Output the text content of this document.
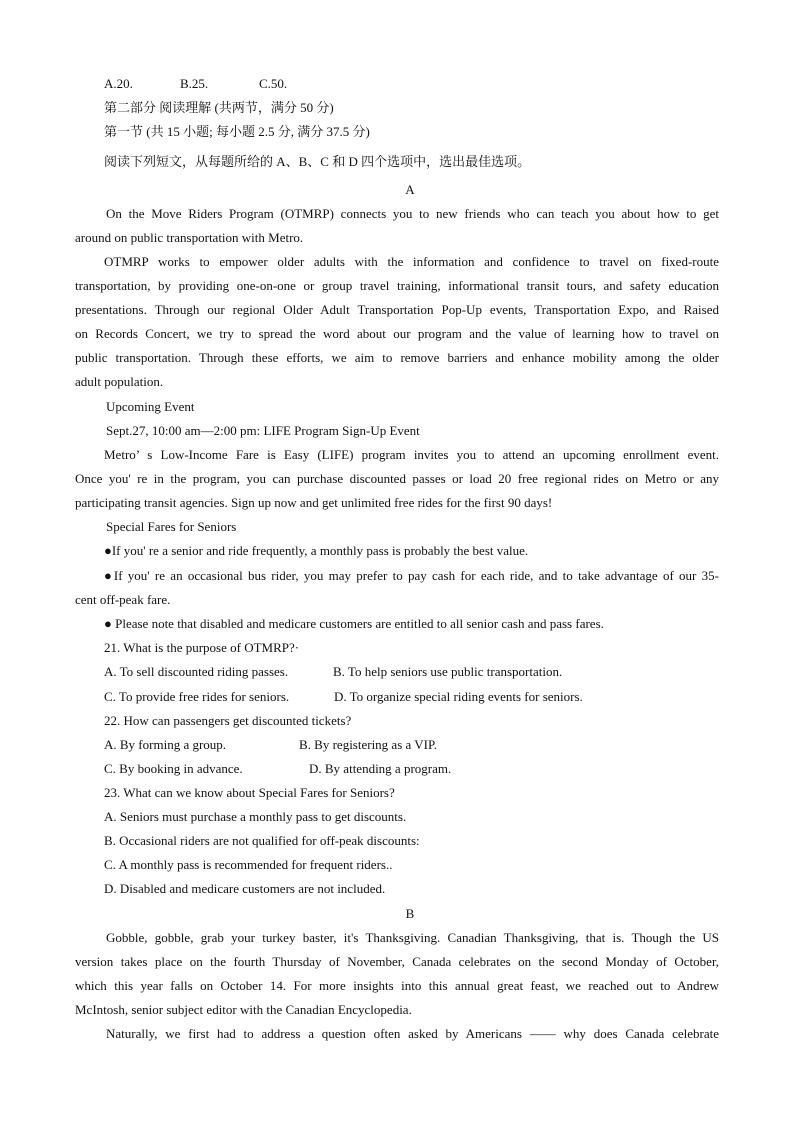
A.20.	B.25.	C.50.
第二部分 阅读理解 (共两节，满分 50 分)
第一节 (共 15 小题; 每小题 2.5 分, 满分 37.5 分)
阅读下列短文，从每题所给的 A、B、C 和 D 四个选项中，选出最佳选项。
A
On the Move Riders Program (OTMRP) connects you to new friends who can teach you about how to get
around on public transportation with Metro.
OTMRP works to empower older adults with the information and confidence to travel on fixed-route
transportation, by providing one-on-one or group travel training, informational transit tours, and safety education
presentations. Through our regional Older Adult Transportation Pop-Up events, Transportation Expo, and Raised
on Records Concert, we try to spread the word about our program and the value of learning how to travel on
public transportation. Through these efforts, we aim to remove barriers and enhance mobility among the older
adult population.
Upcoming Event
Sept.27, 10:00 am—2:00 pm: LIFE Program Sign-Up Event
Metro’ s Low-Income Fare is Easy (LIFE) program invites you to attend an upcoming enrollment event.
Once you' re in the program, you can purchase discounted passes or load 20 free regional rides on Metro or any
participating transit agencies. Sign up now and get unlimited free rides for the first 90 days!
Special Fares for Seniors
●If you' re a senior and ride frequently, a monthly pass is probably the best value.
●If you' re an occasional bus rider, you may prefer to pay cash for each ride, and to take advantage of our 35-
cent off-peak fare.
● Please note that disabled and medicare customers are entitled to all senior cash and pass fares.
21. What is the purpose of OTMRP?·
A. To sell discounted riding passes.	B. To help seniors use public transportation.
C. To provide free rides for seniors.	D. To organize special riding events for seniors.
22. How can passengers get discounted tickets?
A. By forming a group.	B. By registering as a VIP.
C. By booking in advance.	D. By attending a program.
23. What can we know about Special Fares for Seniors?
A. Seniors must purchase a monthly pass to get discounts.
B. Occasional riders are not qualified for off-peak discounts:
C. A monthly pass is recommended for frequent riders..
D. Disabled and medicare customers are not included.
B
Gobble, gobble, grab your turkey baster, it's Thanksgiving. Canadian Thanksgiving, that is. Though the US
version takes place on the fourth Thursday of November, Canada celebrates on the second Monday of October,
which this year falls on October 14. For more insights into this annual great feast, we reached out to Andrew
McIntosh, senior subject editor with the Canadian Encyclopedia.
Naturally, we first had to address a question often asked by Americans —— why does Canada celebrate
